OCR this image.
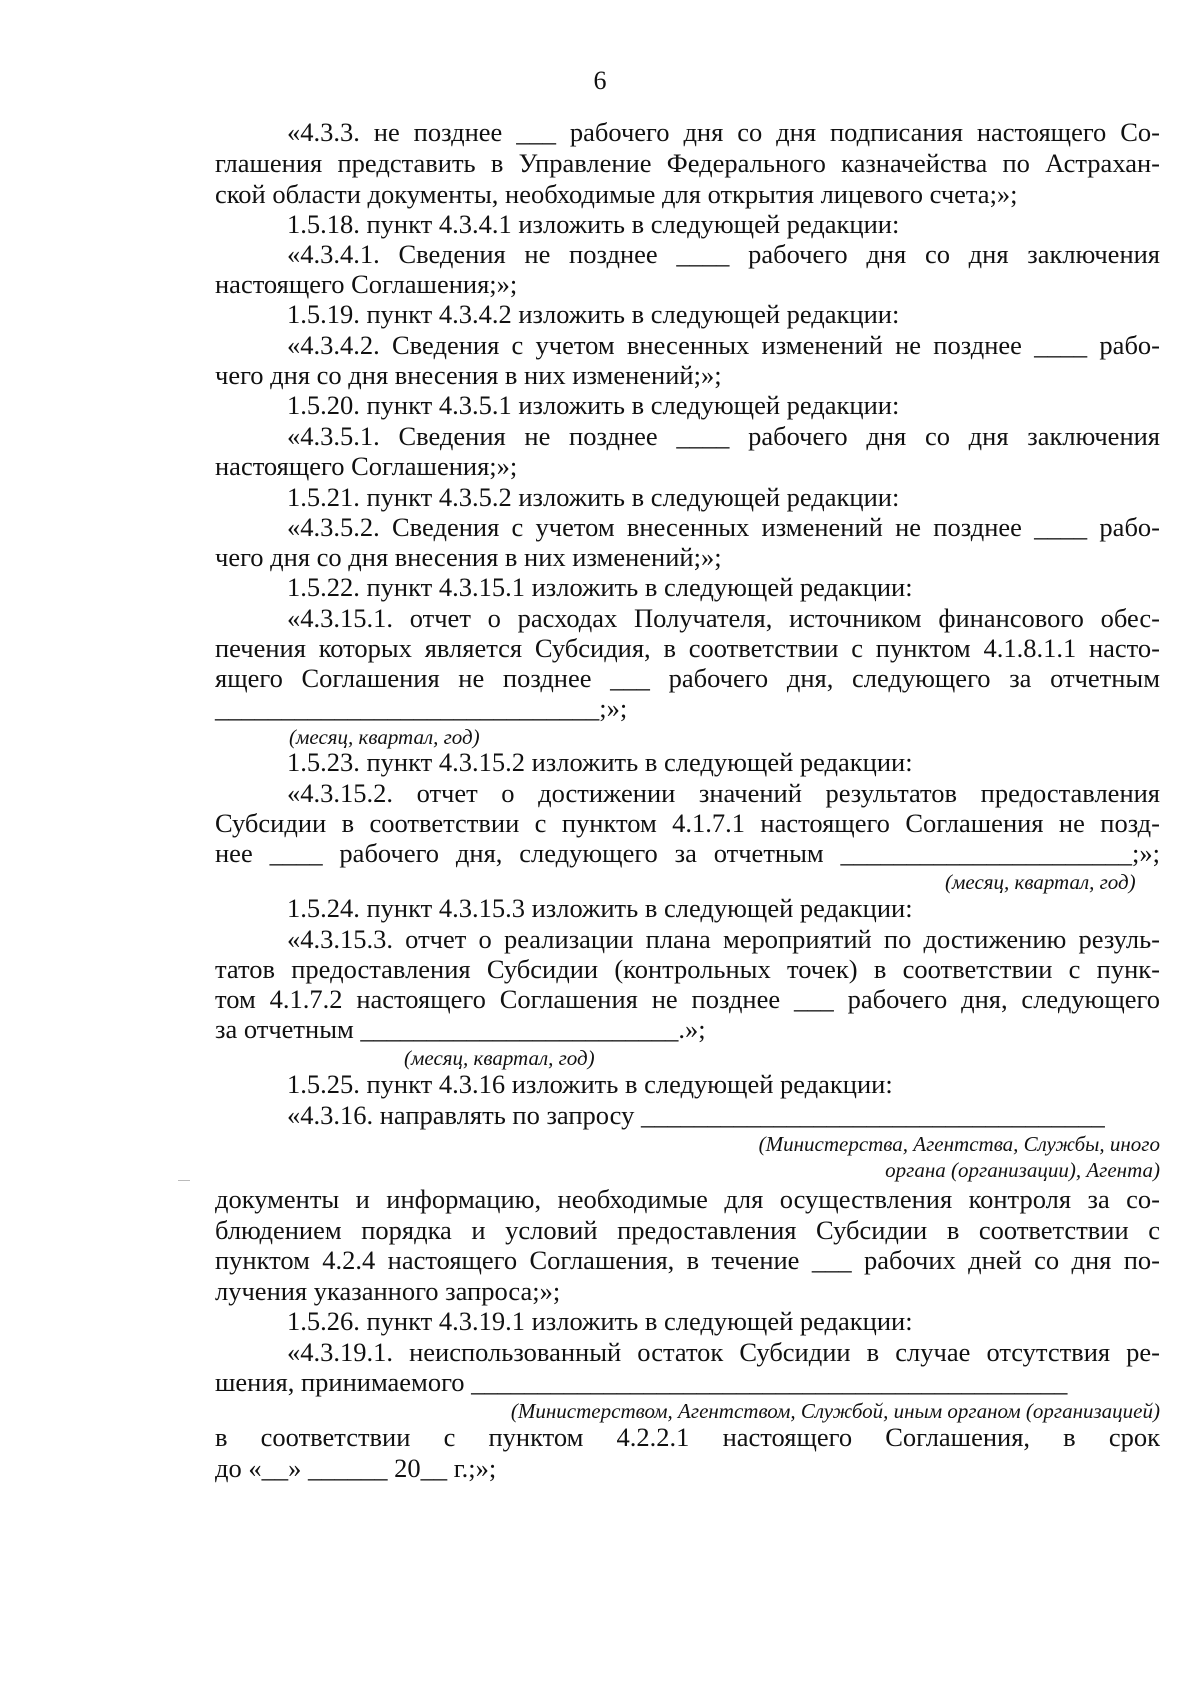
6
«4.3.3. не позднее ___ рабочего дня со дня подписания настоящего Со-
глашения представить в Управление Федерального казначейства по Астрахан-
ской области документы, необходимые для открытия лицевого счета;»;
1.5.18. пункт 4.3.4.1 изложить в следующей редакции:
«4.3.4.1. Сведения не позднее ____ рабочего дня со дня заключения
настоящего Соглашения;»;
1.5.19. пункт 4.3.4.2 изложить в следующей редакции:
«4.3.4.2. Сведения с учетом внесенных изменений не позднее ____ рабо-
чего дня со дня внесения в них изменений;»;
1.5.20. пункт 4.3.5.1 изложить в следующей редакции:
«4.3.5.1. Сведения не позднее ____ рабочего дня со дня заключения
настоящего Соглашения;»;
1.5.21. пункт 4.3.5.2 изложить в следующей редакции:
«4.3.5.2. Сведения с учетом внесенных изменений не позднее ____ рабо-
чего дня со дня внесения в них изменений;»;
1.5.22. пункт 4.3.15.1 изложить в следующей редакции:
«4.3.15.1. отчет о расходах Получателя, источником финансового обес-
печения которых является Субсидия, в соответствии с пунктом 4.1.8.1.1 насто-
ящего Соглашения не позднее ___ рабочего дня, следующего за отчетным
_____________________________;»;
(месяц, квартал, год)
1.5.23. пункт 4.3.15.2 изложить в следующей редакции:
«4.3.15.2. отчет о достижении значений результатов предоставления
Субсидии в соответствии с пунктом 4.1.7.1 настоящего Соглашения не позд-
нее ____ рабочего дня, следующего за отчетным ______________________;»;
(месяц, квартал, год)
1.5.24. пункт 4.3.15.3 изложить в следующей редакции:
«4.3.15.3. отчет о реализации плана мероприятий по достижению резуль-
татов предоставления Субсидии (контрольных точек) в соответствии с пунк-
том 4.1.7.2 настоящего Соглашения не позднее ___ рабочего дня, следующего
за отчетным ________________________.»;
(месяц, квартал, год)
1.5.25. пункт 4.3.16 изложить в следующей редакции:
«4.3.16. направлять по запросу ___________________________________
(Министерства, Агентства, Службы, иного
органа (организации), Агента)
документы и информацию, необходимые для осуществления контроля за со-
блюдением порядка и условий предоставления Субсидии в соответствии с
пунктом 4.2.4 настоящего Соглашения, в течение ___ рабочих дней со дня по-
лучения указанного запроса;»;
1.5.26. пункт 4.3.19.1 изложить в следующей редакции:
«4.3.19.1. неиспользованный остаток Субсидии в случае отсутствия ре-
шения, принимаемого _____________________________________________
(Министерством, Агентством, Службой, иным органом (организацией)
в соответствии с пунктом 4.2.2.1 настоящего Соглашения, в срок
до «__» ______ 20__ г.;»;
